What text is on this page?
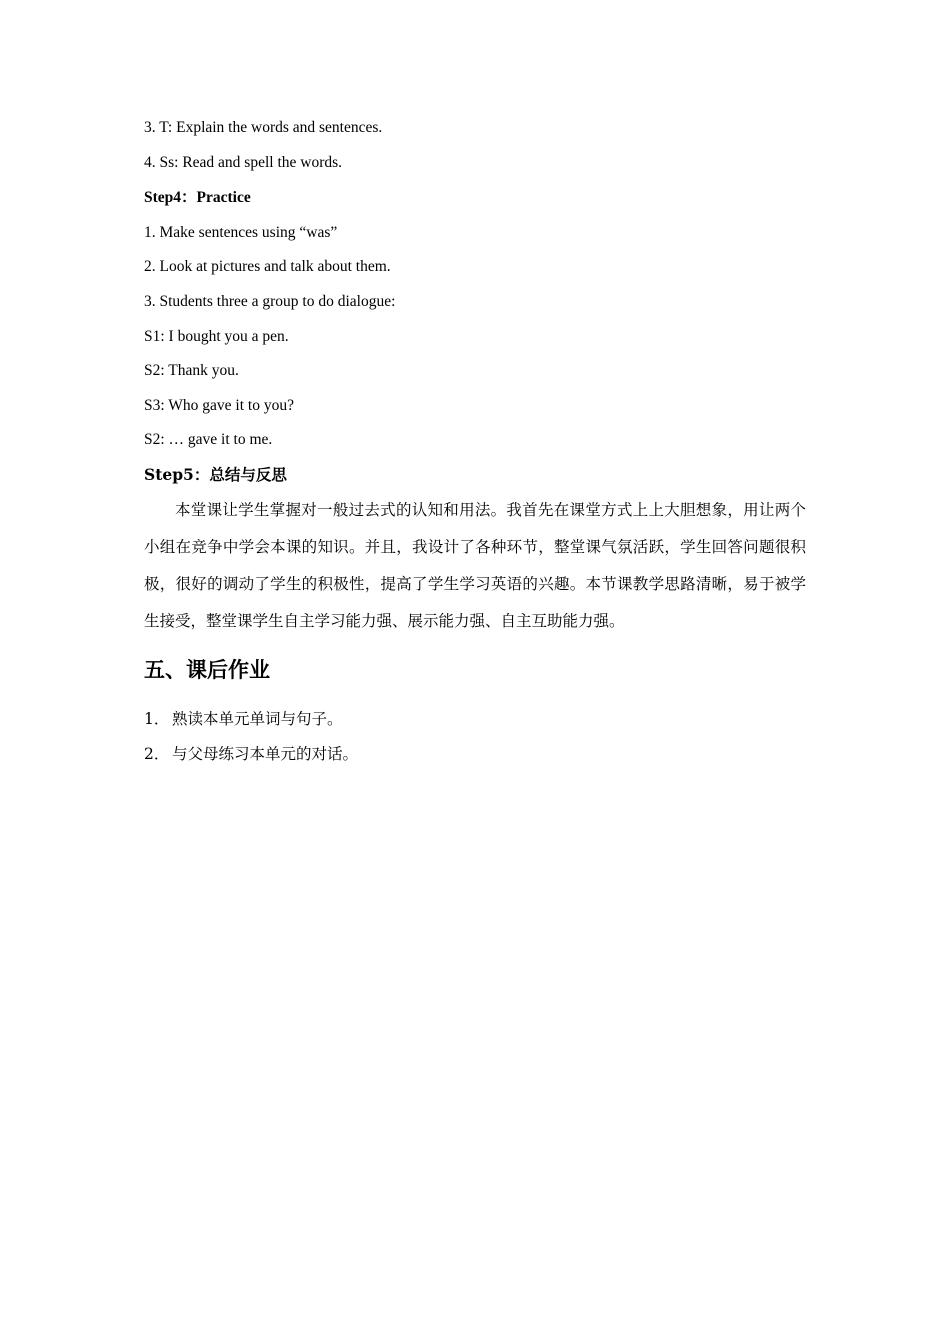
3. T: Explain the words and sentences.
4. Ss: Read and spell the words.
Step4：Practice
1. Make sentences using “was”
2. Look at pictures and talk about them.
3. Students three a group to do dialogue:
S1: I bought you a pen.
S2: Thank you.
S3: Who gave it to you?
S2: … gave it to me.
Step5：总结与反思
本堂课让学生掌握对一般过去式的认知和用法。我首先在课堂方式上上大胆想象，用让两个小组在竞争中学会本课的知识。并且，我设计了各种环节，整堂课气氛活跃，学生回答问题很积极，很好的调动了学生的积极性，提高了学生学习英语的兴趣。本节课教学思路清晰，易于被学生接受，整堂课学生自主学习能力强、展示能力强、自主互助能力强。
五、课后作业
1． 熟读本单元单词与句子。
2． 与父母练习本单元的对话。
